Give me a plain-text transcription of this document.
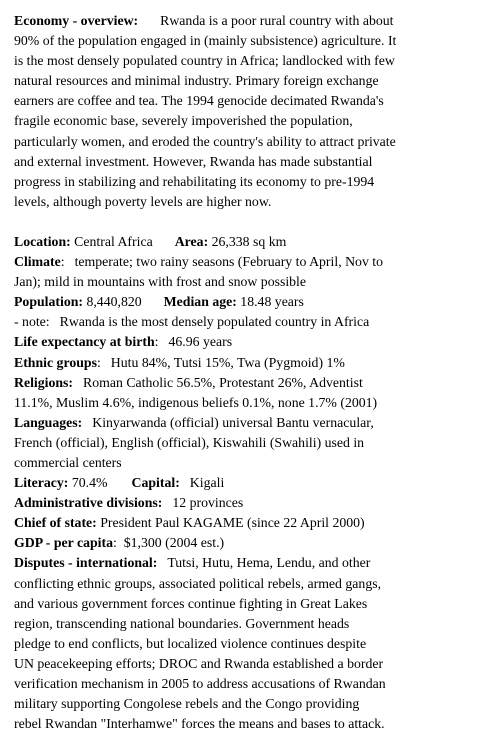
Economy - overview: Rwanda is a poor rural country with about
90% of the population engaged in (mainly subsistence) agriculture. It
is the most densely populated country in Africa; landlocked with few
natural resources and minimal industry. Primary foreign exchange
earners are coffee and tea. The 1994 genocide decimated Rwanda's
fragile economic base, severely impoverished the population,
particularly women, and eroded the country's ability to attract private
and external investment. However, Rwanda has made substantial
progress in stabilizing and rehabilitating its economy to pre-1994
levels, although poverty levels are higher now.
Location: Central Africa Area: 26,338 sq km
Climate: temperate; two rainy seasons (February to April, Nov to
Jan); mild in mountains with frost and snow possible
Population: 8,440,820 Median age: 18.48 years
- note: Rwanda is the most densely populated country in Africa
Life expectancy at birth: 46.96 years
Ethnic groups: Hutu 84%, Tutsi 15%, Twa (Pygmoid) 1%
Religions: Roman Catholic 56.5%, Protestant 26%, Adventist
11.1%, Muslim 4.6%, indigenous beliefs 0.1%, none 1.7% (2001)
Languages: Kinyarwanda (official) universal Bantu vernacular,
French (official), English (official), Kiswahili (Swahili) used in
commercial centers
Literacy: 70.4% Capital: Kigali
Administrative divisions: 12 provinces
Chief of state: President Paul KAGAME (since 22 April 2000)
GDP - per capita:  $1,300 (2004 est.)
Disputes - international: Tutsi, Hutu, Hema, Lendu, and other
conflicting ethnic groups, associated political rebels, armed gangs,
and various government forces continue fighting in Great Lakes
region, transcending national boundaries. Government heads
pledge to end conflicts, but localized violence continues despite
UN peacekeeping efforts; DROC and Rwanda established a border
verification mechanism in 2005 to address accusations of Rwandan
military supporting Congolese rebels and the Congo providing
rebel Rwandan "Interhamwe" forces the means and bases to attack.
